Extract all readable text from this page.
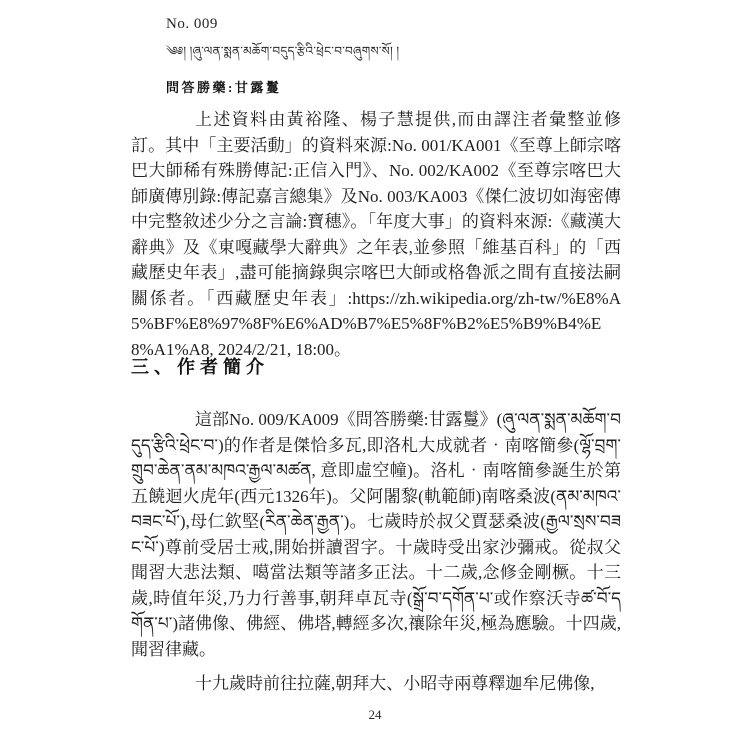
No. 009
༄༅། །ཞུ་ལན་སྨན་མཆོག་བདུད་རྩིའི་ཕྲེང་བ་བཞུགས་སོ། །
問答勝藥:甘露鬘

上述資料由黃裕隆、楊子慧提供,而由譯注者彙整並修訂。其中「主要活動」的資料來源:No. 001/KA001《至尊上師宗喀巴大師稀有殊勝傳記:正信入門》、No. 002/KA002《至尊宗喀巴大師廣傳別錄:傳記嘉言總集》及No. 003/KA003《傑仁波切如海密傳中完整敘述少分之言論:寶穗》。「年度大事」的資料來源:《藏漢大辭典》及《東嘎藏學大辭典》之年表,並參照「維基百科」的「西藏歷史年表」,盡可能摘錄與宗喀巴大師或格魯派之間有直接法嗣關係者。「西藏歷史年表」:https://zh.wikipedia.org/zh-tw/%E8%A5%BF%E8%97%8F%E6%AD%B7%E5%8F%B2%E5%B9%B4%E8%A1%A8, 2024/2/21, 18:00。

三、作者簡介

這部No. 009/KA009《問答勝藥:甘露鬘》(ཞུ་ལན་སྨན་མཆོག་བདུད་རྩིའི་ཕྲེང་བ་)的作者是傑恰多瓦,即洛札大成就者‧南喀簡參(ལྷོ་བྲག་གྲུབ་ཆེན་ནམ་མཁའ་རྒྱལ་མཚན, 意即虛空幢)。洛札‧南喀簡參誕生於第五饒迴火虎年(西元1326年)。父阿闍黎(軌範師)南喀桑波(ནམ་མཁའ་བཟང་པོ་),母仁欽堅(རིན་ཆེན་རྒྱན་)。七歲時於叔父賈瑟桑波(རྒྱལ་སྲས་བཟང་པོ་)尊前受居士戒,開始拼讀習字。十歲時受出家沙彌戒。從叔父聞習大悲法類、噶當法類等諸多正法。十二歲,念修金剛橛。十三歲,時值年災,乃力行善事,朝拜卓瓦寺(སྒྲོ་བ་དགོན་པ་或作察沃寺ཚ་བོ་དགོན་པ་)諸佛像、佛經、佛塔,轉經多次,禳除年災,極為應驗。十四歲,聞習律藏。

十九歲時前往拉薩,朝拜大、小昭寺兩尊釋迦牟尼佛像,

24
